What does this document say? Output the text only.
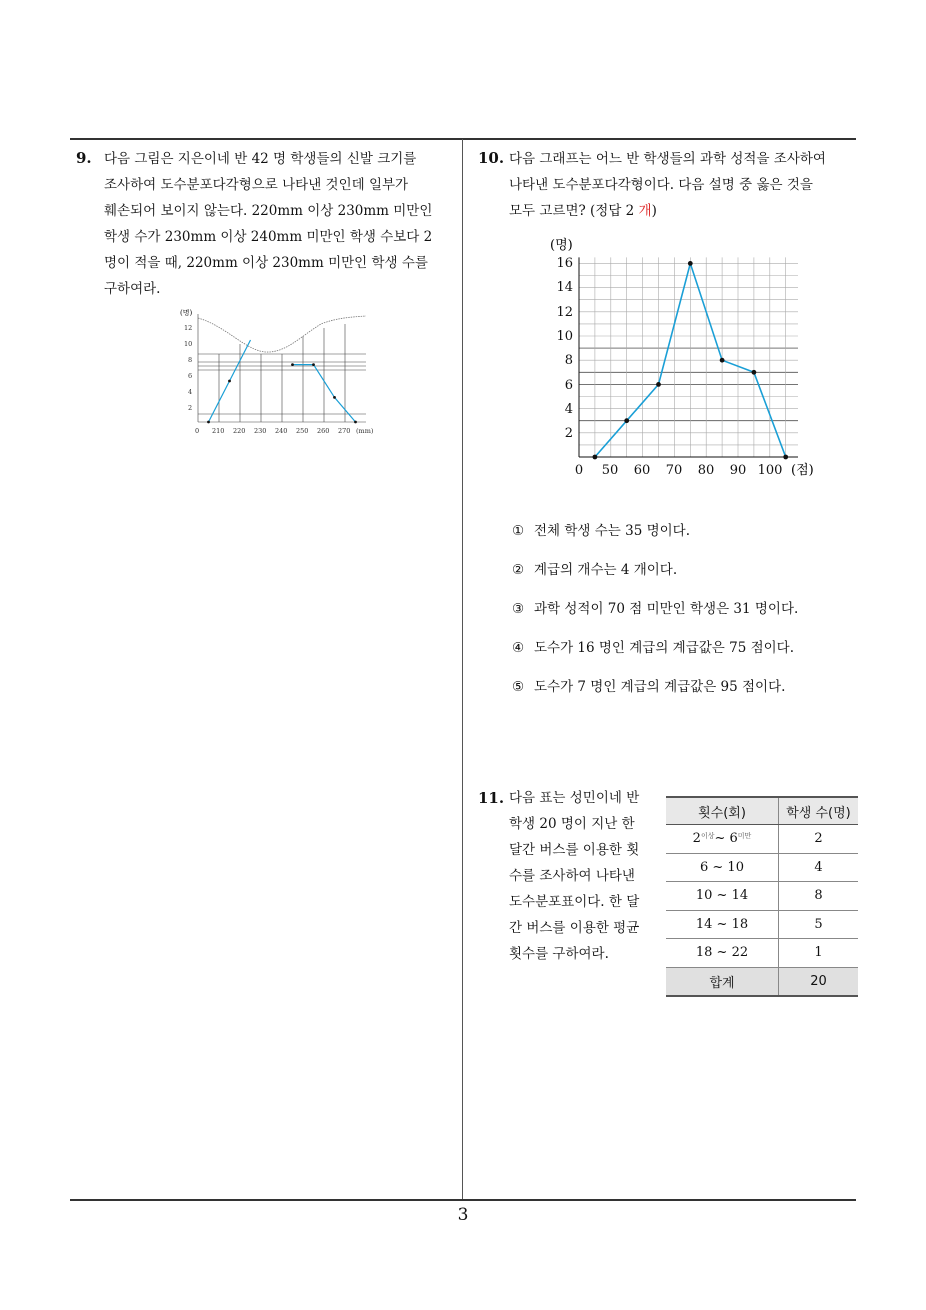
9. 다음 그림은 지은이네 반 42 명 학생들의 신발 크기를

조사하여 도수분포다각형으로 나타낸 것인데 일부가

훼손되어 보이지 않는다. 220mm 이상 230mm 미만인

학생 수가 230mm 이상 240mm 미만인 학생 수보다 2

명이 적을 때, 220mm 이상 230mm 미만인 학생 수를

구하여라.

(명)
2
4
6
8
10
12
0 210 220 230 240 250 260 270 (mm)
10. 다음 그래프는 어느 반 학생들의 과학 성적을 조사하여

나타낸 도수분포다각형이다. 다음 설명 중 옳은 것을

모두 고르면? (정답 2 개)

(명)
(점)
2
4
6
8
10
12
14
16
0 50 60 70 80 90 100
① 전체 학생 수는 35 명이다.
② 계급의 개수는 4 개이다.
③ 과학 성적이 70 점 미만인 학생은 31 명이다.
④ 도수가 16 명인 계급의 계급값은 75 점이다.
⑤ 도수가 7 명인 계급의 계급값은 95 점이다.
11. 다음 표는 성민이네 반

학생 20 명이 지난 한

달간 버스를 이용한 횟

수를 조사하여 나타낸

도수분포표이다. 한 달

간 버스를 이용한 평균

횟수를 구하여라.

횟수(회)	학생 수(명)
$2^{이상}\sim$ $6^{미만}$	2
6 ~ 10	4
10 ~ 14	8
14 ~ 18	5
18 ~ 22	1
합계	20
3
